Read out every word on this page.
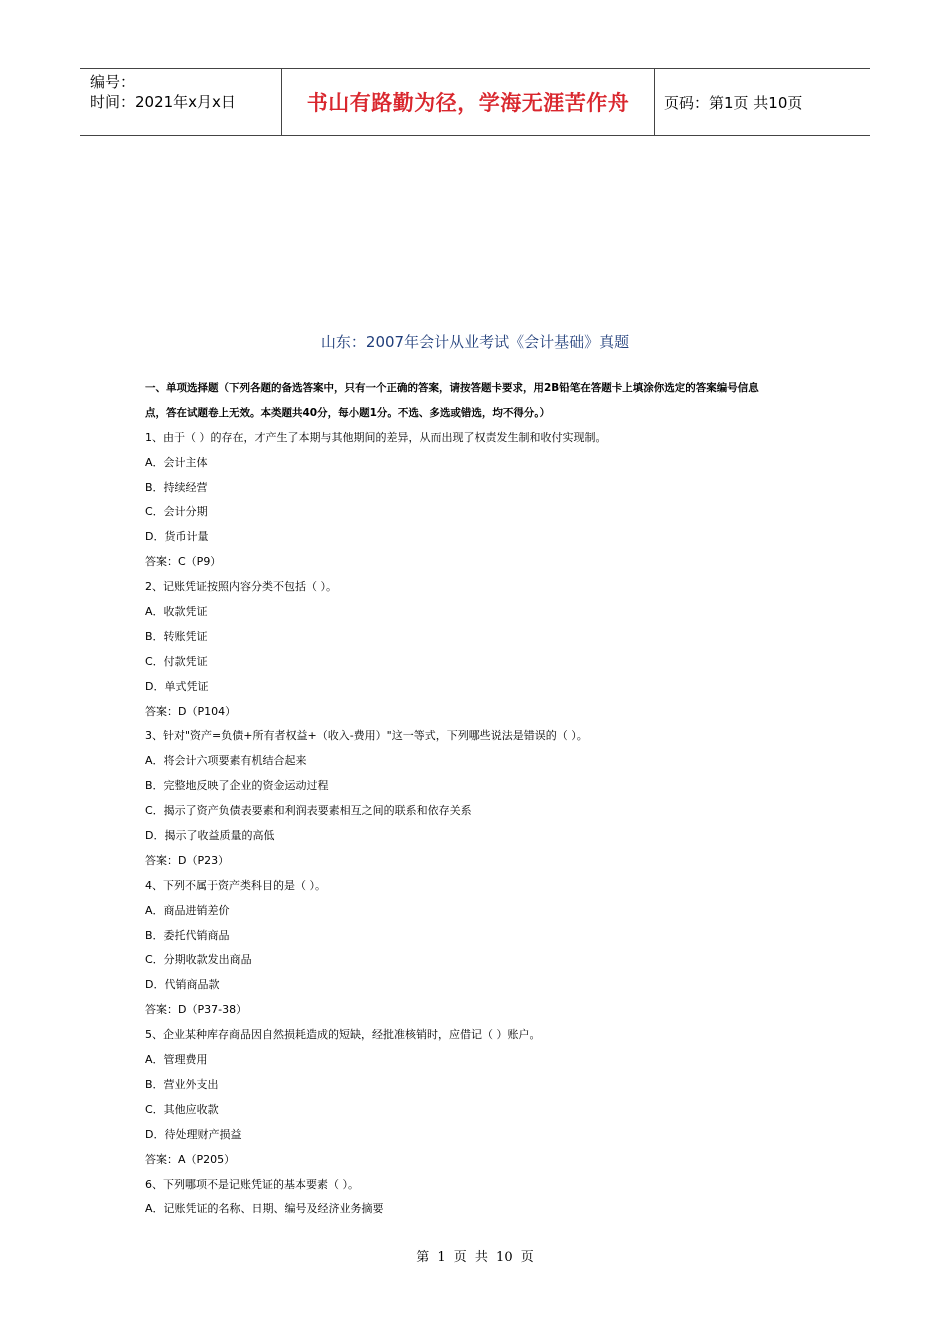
编号：
时间：2021年x月x日	书山有路勤为径，学海无涯苦作舟	页码：第1页 共10页
山东：2007年会计从业考试《会计基础》真题
一、单项选择题（下列各题的备选答案中，只有一个正确的答案，请按答题卡要求，用2B铅笔在答题卡上填涂你选定的答案编号信息
点，答在试题卷上无效。本类题共40分，每小题1分。不选、多选或错选，均不得分。）
1、由于（ ）的存在，才产生了本期与其他期间的差异，从而出现了权责发生制和收付实现制。
A．会计主体
B．持续经营
C．会计分期
D．货币计量
答案：C（P9）
2、记账凭证按照内容分类不包括（ ）。
A．收款凭证
B．转账凭证
C．付款凭证
D．单式凭证
答案：D（P104）
3、针对"资产=负债+所有者权益+（收入-费用）"这一等式，下列哪些说法是错误的（ ）。
A．将会计六项要素有机结合起来
B．完整地反映了企业的资金运动过程
C．揭示了资产负债表要素和利润表要素相互之间的联系和依存关系
D．揭示了收益质量的高低
答案：D（P23）
4、下列不属于资产类科目的是（ ）。
A．商品进销差价
B．委托代销商品
C．分期收款发出商品
D．代销商品款
答案：D（P37-38）
5、企业某种库存商品因自然损耗造成的短缺，经批准核销时，应借记（ ）账户。
A．管理费用
B．营业外支出
C．其他应收款
D．待处理财产损益
答案：A（P205）
6、下列哪项不是记账凭证的基本要素（ ）。
A．记账凭证的名称、日期、编号及经济业务摘要
第 1 页 共 10 页
